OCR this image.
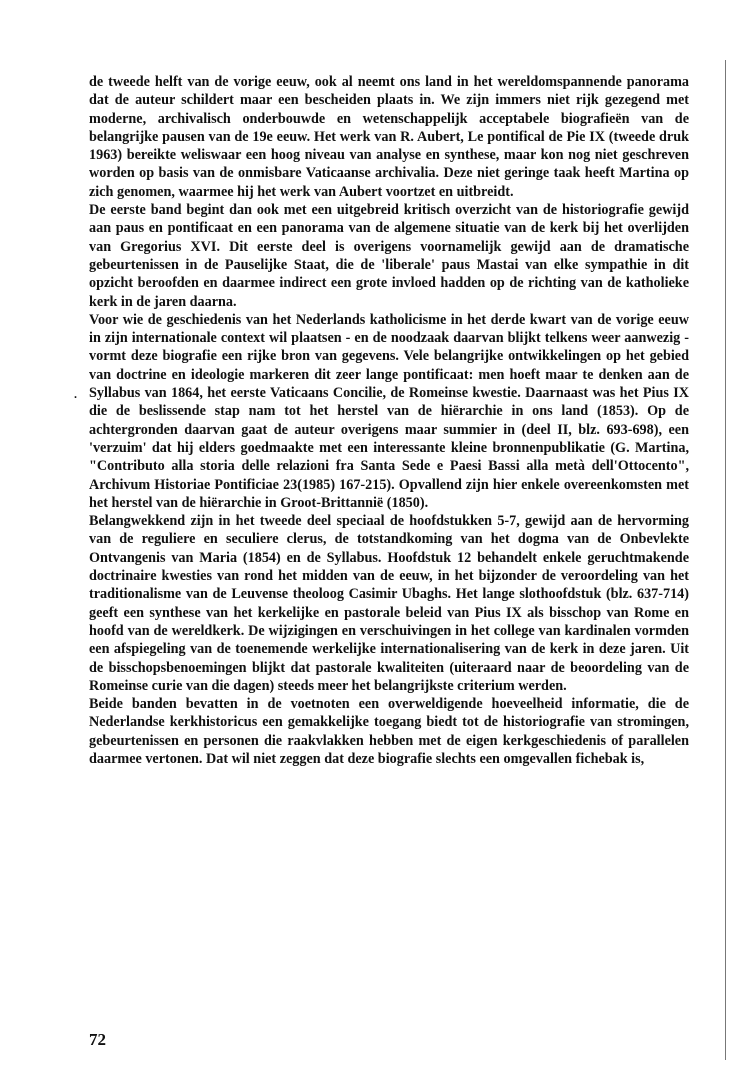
de tweede helft van de vorige eeuw, ook al neemt ons land in het wereldomspannende panorama dat de auteur schildert maar een bescheiden plaats in. We zijn immers niet rijk gezegend met moderne, archivalisch onderbouwde en wetenschappelijk acceptabele biografieën van de belangrijke pausen van de 19e eeuw. Het werk van R. Aubert, Le pontifical de Pie IX (tweede druk 1963) bereikte weliswaar een hoog niveau van analyse en synthese, maar kon nog niet geschreven worden op basis van de onmisbare Vaticaanse archivalia. Deze niet geringe taak heeft Martina op zich genomen, waarmee hij het werk van Aubert voortzet en uitbreidt.

De eerste band begint dan ook met een uitgebreid kritisch overzicht van de historiografie gewijd aan paus en pontificaat en een panorama van de algemene situatie van de kerk bij het overlijden van Gregorius XVI. Dit eerste deel is overigens voornamelijk gewijd aan de dramatische gebeurtenissen in de Pauselijke Staat, die de 'liberale' paus Mastai van elke sympathie in dit opzicht beroofden en daarmee indirect een grote invloed hadden op de richting van de katholieke kerk in de jaren daarna.

Voor wie de geschiedenis van het Nederlands katholicisme in het derde kwart van de vorige eeuw in zijn internationale context wil plaatsen - en de noodzaak daarvan blijkt telkens weer aanwezig - vormt deze biografie een rijke bron van gegevens. Vele belangrijke ontwikkelingen op het gebied van doctrine en ideologie markeren dit zeer lange pontificaat: men hoeft maar te denken aan de Syllabus van 1864, het eerste Vaticaans Concilie, de Romeinse kwestie. Daarnaast was het Pius IX die de beslissende stap nam tot het herstel van de hiërarchie in ons land (1853). Op de achtergronden daarvan gaat de auteur overigens maar summier in (deel II, blz. 693-698), een 'verzuim' dat hij elders goedmaakte met een interessante kleine bronnenpublikatie (G. Martina, "Contributo alla storia delle relazioni fra Santa Sede e Paesi Bassi alla metà dell'Ottocento", Archivum Historiae Pontificiae 23(1985) 167-215). Opvallend zijn hier enkele overeenkomsten met het herstel van de hiërarchie in Groot-Brittannië (1850).

Belangwekkend zijn in het tweede deel speciaal de hoofdstukken 5-7, gewijd aan de hervorming van de reguliere en seculiere clerus, de totstandkoming van het dogma van de Onbevlekte Ontvangenis van Maria (1854) en de Syllabus. Hoofdstuk 12 behandelt enkele geruchtmakende doctrinaire kwesties van rond het midden van de eeuw, in het bijzonder de veroordeling van het traditionalisme van de Leuvense theoloog Casimir Ubaghs. Het lange slothoofdstuk (blz. 637-714) geeft een synthese van het kerkelijke en pastorale beleid van Pius IX als bisschop van Rome en hoofd van de wereldkerk. De wijzigingen en verschuivingen in het college van kardinalen vormden een afspiegeling van de toenemende werkelijke internationalisering van de kerk in deze jaren. Uit de bisschopsbenoemingen blijkt dat pastorale kwaliteiten (uiteraard naar de beoordeling van de Romeinse curie van die dagen) steeds meer het belangrijkste criterium werden.

Beide banden bevatten in de voetnoten een overweldigende hoeveelheid informatie, die de Nederlandse kerkhistoricus een gemakkelijke toegang biedt tot de historiografie van stromingen, gebeurtenissen en personen die raakvlakken hebben met de eigen kerkgeschiedenis of parallelen daarmee vertonen. Dat wil niet zeggen dat deze biografie slechts een omgevallen fichebak is,

.
72
